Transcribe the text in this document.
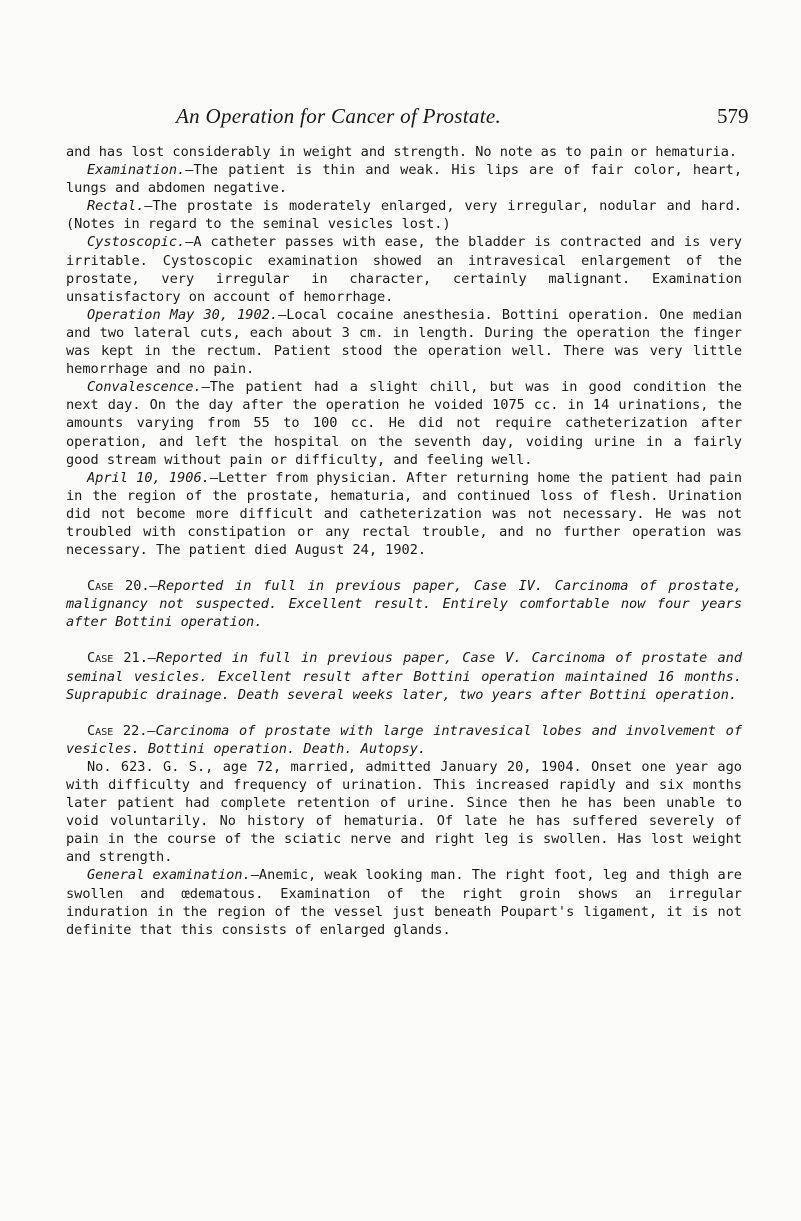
An Operation for Cancer of Prostate.	579

and has lost considerably in weight and strength. No note as to pain or hematuria.

Examination.—The patient is thin and weak. His lips are of fair color, heart, lungs and abdomen negative.

Rectal.—The prostate is moderately enlarged, very irregular, nodular and hard. (Notes in regard to the seminal vesicles lost.)

Cystoscopic.—A catheter passes with ease, the bladder is contracted and is very irritable. Cystoscopic examination showed an intravesical enlargement of the prostate, very irregular in character, certainly malignant. Examination unsatisfactory on account of hemorrhage.

Operation May 30, 1902.—Local cocaine anesthesia. Bottini operation. One median and two lateral cuts, each about 3 cm. in length. During the operation the finger was kept in the rectum. Patient stood the operation well. There was very little hemorrhage and no pain.

Convalescence.—The patient had a slight chill, but was in good condition the next day. On the day after the operation he voided 1075 cc. in 14 urinations, the amounts varying from 55 to 100 cc. He did not require catheterization after operation, and left the hospital on the seventh day, voiding urine in a fairly good stream without pain or difficulty, and feeling well.

April 10, 1906.—Letter from physician. After returning home the patient had pain in the region of the prostate, hematuria, and continued loss of flesh. Urination did not become more difficult and catheterization was not necessary. He was not troubled with constipation or any rectal trouble, and no further operation was necessary. The patient died August 24, 1902.

Case 20.—Reported in full in previous paper, Case IV. Carcinoma of prostate, malignancy not suspected. Excellent result. Entirely comfortable now four years after Bottini operation.

Case 21.—Reported in full in previous paper, Case V. Carcinoma of prostate and seminal vesicles. Excellent result after Bottini operation maintained 16 months. Suprapubic drainage. Death several weeks later, two years after Bottini operation.

Case 22.—Carcinoma of prostate with large intravesical lobes and involvement of vesicles. Bottini operation. Death. Autopsy.

No. 623. G. S., age 72, married, admitted January 20, 1904. Onset one year ago with difficulty and frequency of urination. This increased rapidly and six months later patient had complete retention of urine. Since then he has been unable to void voluntarily. No history of hematuria. Of late he has suffered severely of pain in the course of the sciatic nerve and right leg is swollen. Has lost weight and strength.

General examination.—Anemic, weak looking man. The right foot, leg and thigh are swollen and œdematous. Examination of the right groin shows an irregular induration in the region of the vessel just beneath Poupart's ligament, it is not definite that this consists of enlarged glands.
